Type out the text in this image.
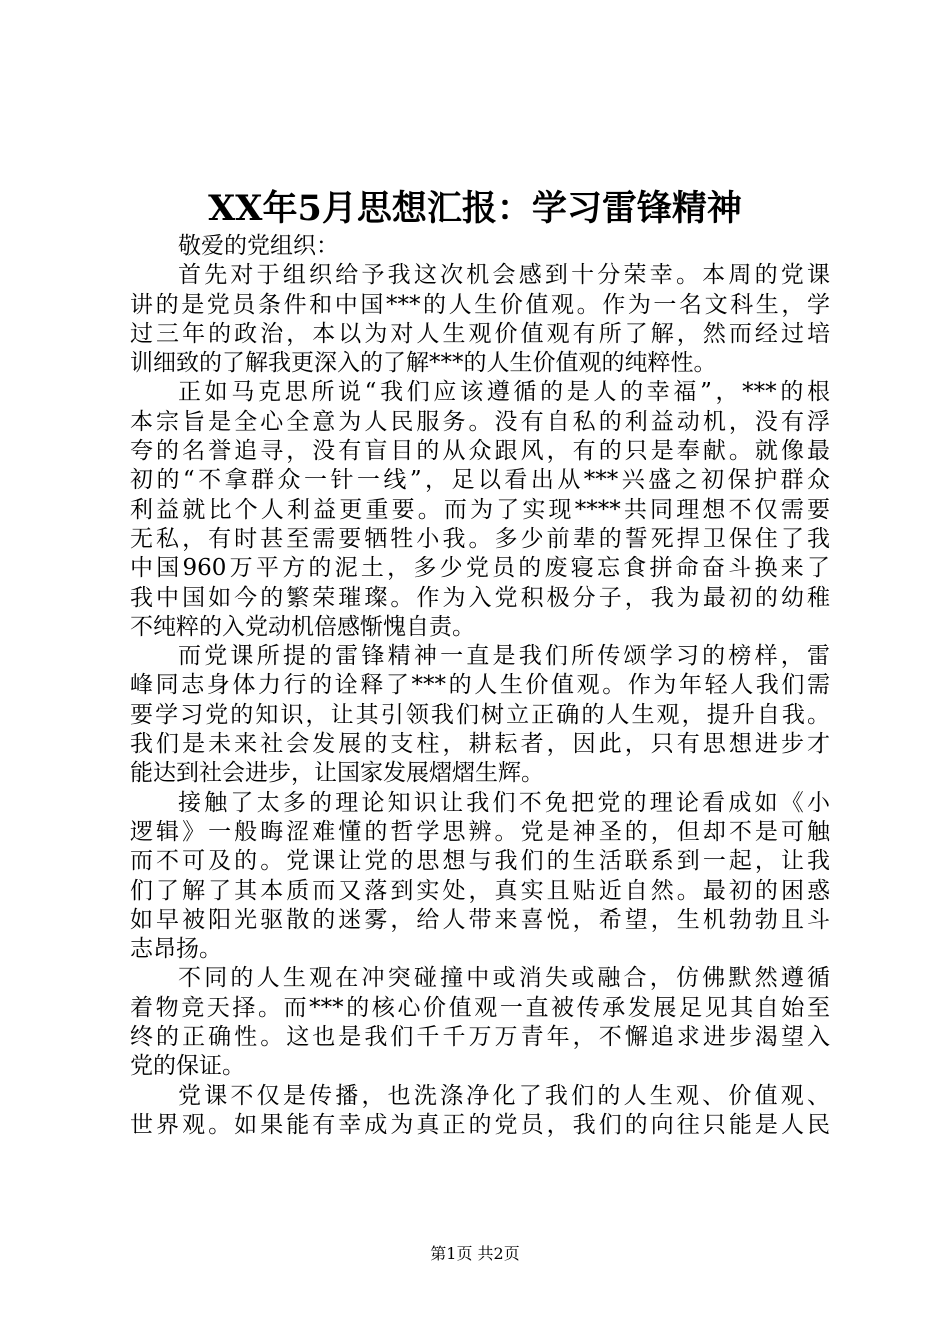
XX年5月思想汇报：学习雷锋精神
敬爱的党组织：
首先对于组织给予我这次机会感到十分荣幸。本周的党课
讲的是党员条件和中国***的人生价值观。作为一名文科生，学
过三年的政治，本以为对人生观价值观有所了解，然而经过培
训细致的了解我更深入的了解***的人生价值观的纯粹性。
正如马克思所说“我们应该遵循的是人的幸福”，***的根
本宗旨是全心全意为人民服务。没有自私的利益动机，没有浮
夸的名誉追寻，没有盲目的从众跟风，有的只是奉献。就像最
初的“不拿群众一针一线”，足以看出从***兴盛之初保护群众
利益就比个人利益更重要。而为了实现****共同理想不仅需要
无私，有时甚至需要牺牲小我。多少前辈的誓死捍卫保住了我
中国960万平方的泥土，多少党员的废寝忘食拼命奋斗换来了
我中国如今的繁荣璀璨。作为入党积极分子，我为最初的幼稚
不纯粹的入党动机倍感惭愧自责。
而党课所提的雷锋精神一直是我们所传颂学习的榜样，雷
峰同志身体力行的诠释了***的人生价值观。作为年轻人我们需
要学习党的知识，让其引领我们树立正确的人生观，提升自我。
我们是未来社会发展的支柱，耕耘者，因此，只有思想进步才
能达到社会进步，让国家发展熠熠生辉。
接触了太多的理论知识让我们不免把党的理论看成如《小
逻辑》一般晦涩难懂的哲学思辨。党是神圣的，但却不是可触
而不可及的。党课让党的思想与我们的生活联系到一起，让我
们了解了其本质而又落到实处，真实且贴近自然。最初的困惑
如早被阳光驱散的迷雾，给人带来喜悦，希望，生机勃勃且斗
志昂扬。
不同的人生观在冲突碰撞中或消失或融合，仿佛默然遵循
着物竞天择。而***的核心价值观一直被传承发展足见其自始至
终的正确性。这也是我们千千万万青年，不懈追求进步渴望入
党的保证。
党课不仅是传播，也洗涤净化了我们的人生观、价值观、
世界观。如果能有幸成为真正的党员，我们的向往只能是人民
第1页 共2页
